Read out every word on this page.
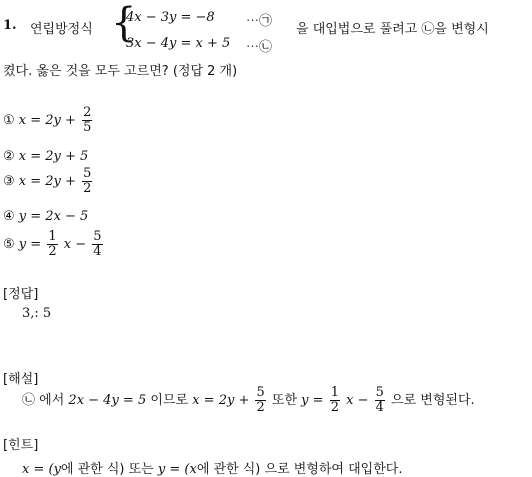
1. 연립방정식 {
4x − 3y = −8 ⋯㉠
3x − 4y = x + 5 ⋯㉡
을 대입법으로 풀려고 ㉡을 변형시
켰다. 옳은 것을 모두 고르면? (정답 2 개)
① $x = 2y + \frac{2}{5}$
② x = 2y + 5
③ $x = 2y + \frac{5}{2}$
④ y = 2x − 5
⑤ $y = \frac{1}{2}$ $x - \frac{5}{4}$
[정답]
3,: 5
[해설]
㉡ 에서 2x − 4y = 5 이므로 $x = 2y + \frac{5}{2}$ 또한 $y = \frac{1}{2}$ $x - \frac{5}{4}$ 으로 변형된다.
[힌트]
x = (y에 관한 식) 또는 y = (x에 관한 식) 으로 변형하여 대입한다.
